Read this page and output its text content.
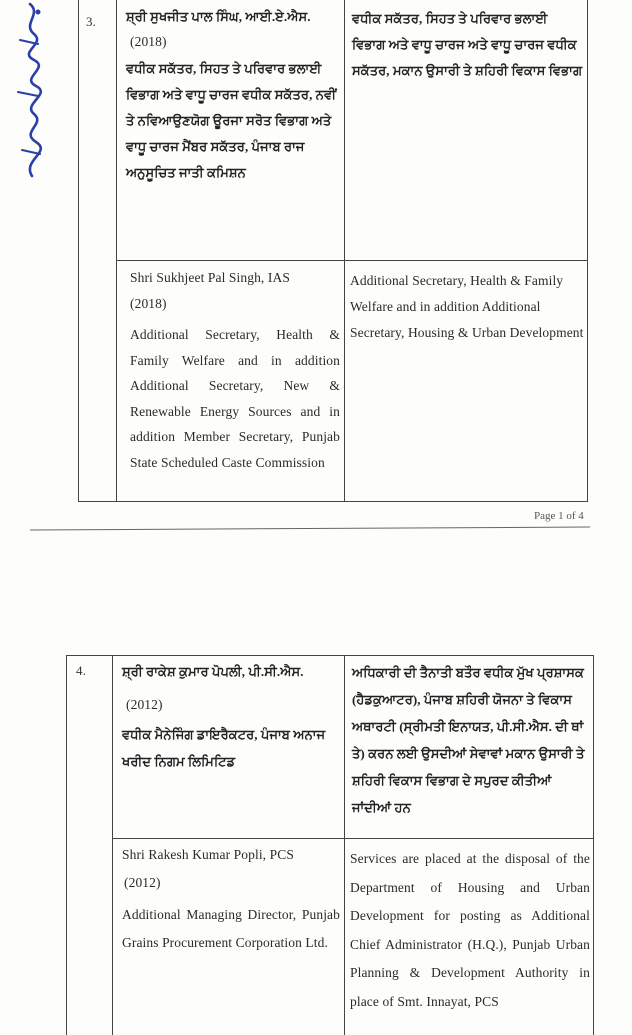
3. ਸ਼੍ਰੀ ਸੁਖਜੀਤ ਪਾਲ ਸਿੰਘ, ਆਈ.ਏ.ਐਸ.
(2018)
ਵਧੀਕ ਸਕੱਤਰ, ਸਿਹਤ ਤੇ ਪਰਿਵਾਰ ਭਲਾਈ ਵਿਭਾਗ ਅਤੇ ਵਾਧੂ ਚਾਰਜ ਵਧੀਕ ਸਕੱਤਰ, ਨਵੀਂ ਤੇ ਨਵਿਆਉਣਯੋਗ ਊਰਜਾ ਸਰੋਤ ਵਿਭਾਗ ਅਤੇ ਵਾਧੂ ਚਾਰਜ ਮੈਂਬਰ ਸਕੱਤਰ, ਪੰਜਾਬ ਰਾਜ ਅਨੁਸੂਚਿਤ ਜਾਤੀ ਕਮਿਸ਼ਨ
ਵਧੀਕ ਸਕੱਤਰ, ਸਿਹਤ ਤੇ ਪਰਿਵਾਰ ਭਲਾਈ ਵਿਭਾਗ ਅਤੇ ਵਾਧੂ ਚਾਰਜ ਅਤੇ ਵਾਧੂ ਚਾਰਜ ਵਧੀਕ ਸਕੱਤਰ, ਮਕਾਨ ਉਸਾਰੀ ਤੇ ਸ਼ਹਿਰੀ ਵਿਕਾਸ ਵਿਭਾਗ
Shri Sukhjeet Pal Singh, IAS
(2018)
Additional Secretary, Health & Family Welfare and in addition Additional Secretary, New & Renewable Energy Sources and in addition Member Secretary, Punjab State Scheduled Caste Commission
Additional Secretary, Health & Family Welfare and in addition Additional Secretary, Housing & Urban Development
Page 1 of 4
4.	ਸ਼੍ਰੀ ਰਾਕੇਸ਼ ਕੁਮਾਰ ਪੋਪਲੀ, ਪੀ.ਸੀ.ਐਸ.
(2012)
ਵਧੀਕ ਮੈਨੇਜਿੰਗ ਡਾਇਰੈਕਟਰ, ਪੰਜਾਬ ਅਨਾਜ ਖਰੀਦ ਨਿਗਮ ਲਿਮਿਟਿਡ
ਅਧਿਕਾਰੀ ਦੀ ਤੈਨਾਤੀ ਬਤੌਰ ਵਧੀਕ ਮੁੱਖ ਪ੍ਰਸ਼ਾਸਕ (ਹੈਡਕੁਆਟਰ), ਪੰਜਾਬ ਸ਼ਹਿਰੀ ਯੋਜਨਾ ਤੇ ਵਿਕਾਸ ਅਥਾਰਟੀ (ਸ੍ਰੀਮਤੀ ਇਨਾਯਤ, ਪੀ.ਸੀ.ਐਸ. ਦੀ ਥਾਂ ਤੇ) ਕਰਨ ਲਈ ਉਸਦੀਆਂ ਸੇਵਾਵਾਂ ਮਕਾਨ ਉਸਾਰੀ ਤੇ ਸ਼ਹਿਰੀ ਵਿਕਾਸ ਵਿਭਾਗ ਦੇ ਸਪੁਰਦ ਕੀਤੀਆਂ ਜਾਂਦੀਆਂ ਹਨ
Shri Rakesh Kumar Popli, PCS
(2012)
Additional Managing Director, Punjab Grains Procurement Corporation Ltd.
Services are placed at the disposal of the Department of Housing and Urban Development for posting as Additional Chief Administrator (H.Q.), Punjab Urban Planning & Development Authority in place of Smt. Innayat, PCS
